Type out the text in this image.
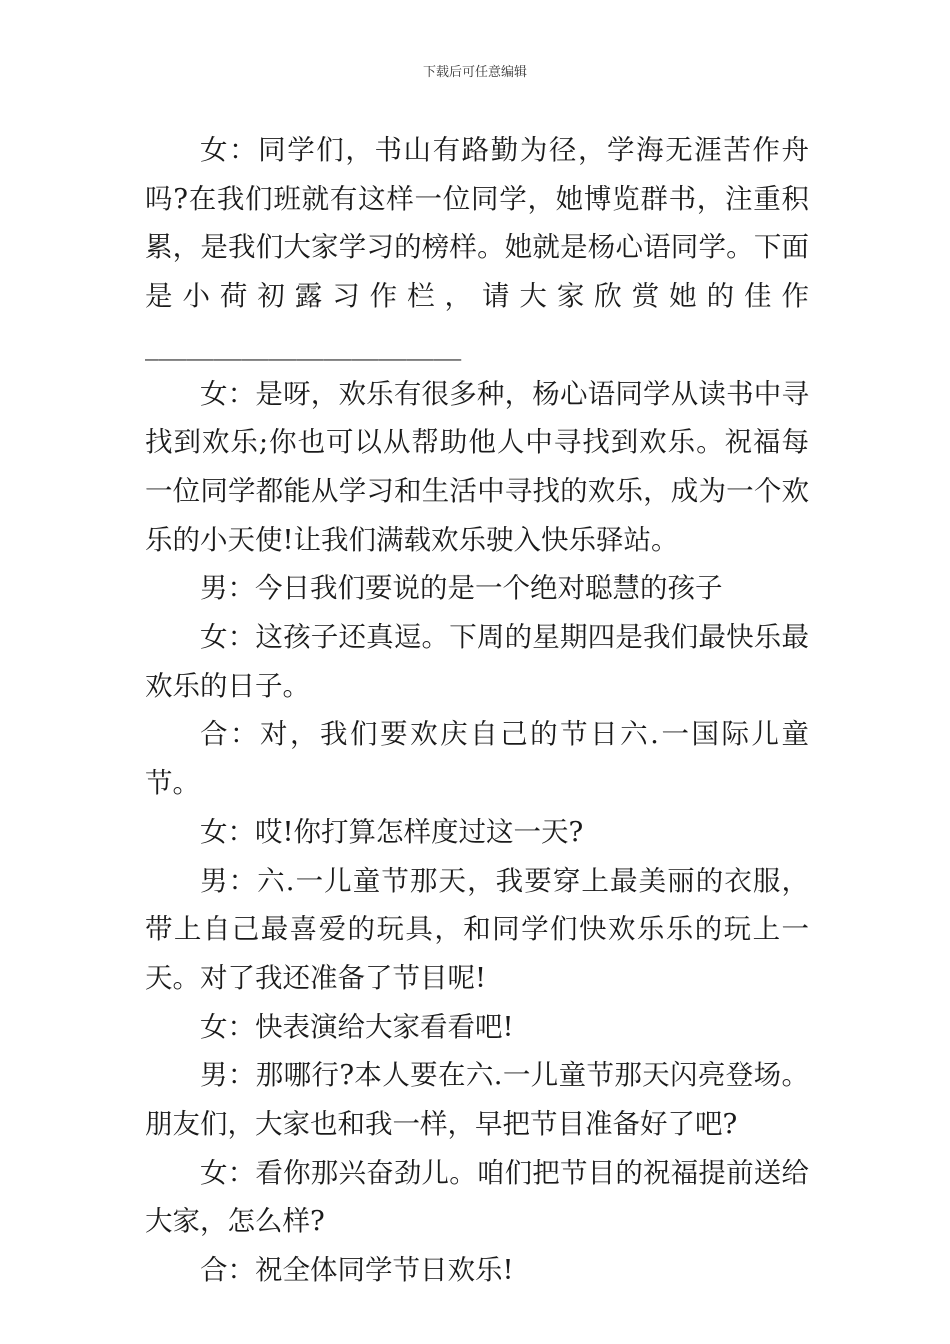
下载后可任意编辑

女：同学们，书山有路勤为径，学海无涯苦作舟吗?在我们班就有这样一位同学，她博览群书，注重积累，是我们大家学习的榜样。她就是杨心语同学。下面是小荷初露习作栏，请大家欣赏她的佳作_______________________

女：是呀，欢乐有很多种，杨心语同学从读书中寻找到欢乐;你也可以从帮助他人中寻找到欢乐。祝福每一位同学都能从学习和生活中寻找的欢乐，成为一个欢乐的小天使!让我们满载欢乐驶入快乐驿站。

男：今日我们要说的是一个绝对聪慧的孩子

女：这孩子还真逗。下周的星期四是我们最快乐最欢乐的日子。

合：对，我们要欢庆自己的节日六.一国际儿童节。

女：哎!你打算怎样度过这一天?

男：六.一儿童节那天，我要穿上最美丽的衣服，带上自己最喜爱的玩具，和同学们快欢乐乐的玩上一天。对了我还准备了节目呢!

女：快表演给大家看看吧!

男：那哪行?本人要在六.一儿童节那天闪亮登场。朋友们，大家也和我一样，早把节目准备好了吧?

女：看你那兴奋劲儿。咱们把节目的祝福提前送给大家，怎么样?

合：祝全体同学节日欢乐!
